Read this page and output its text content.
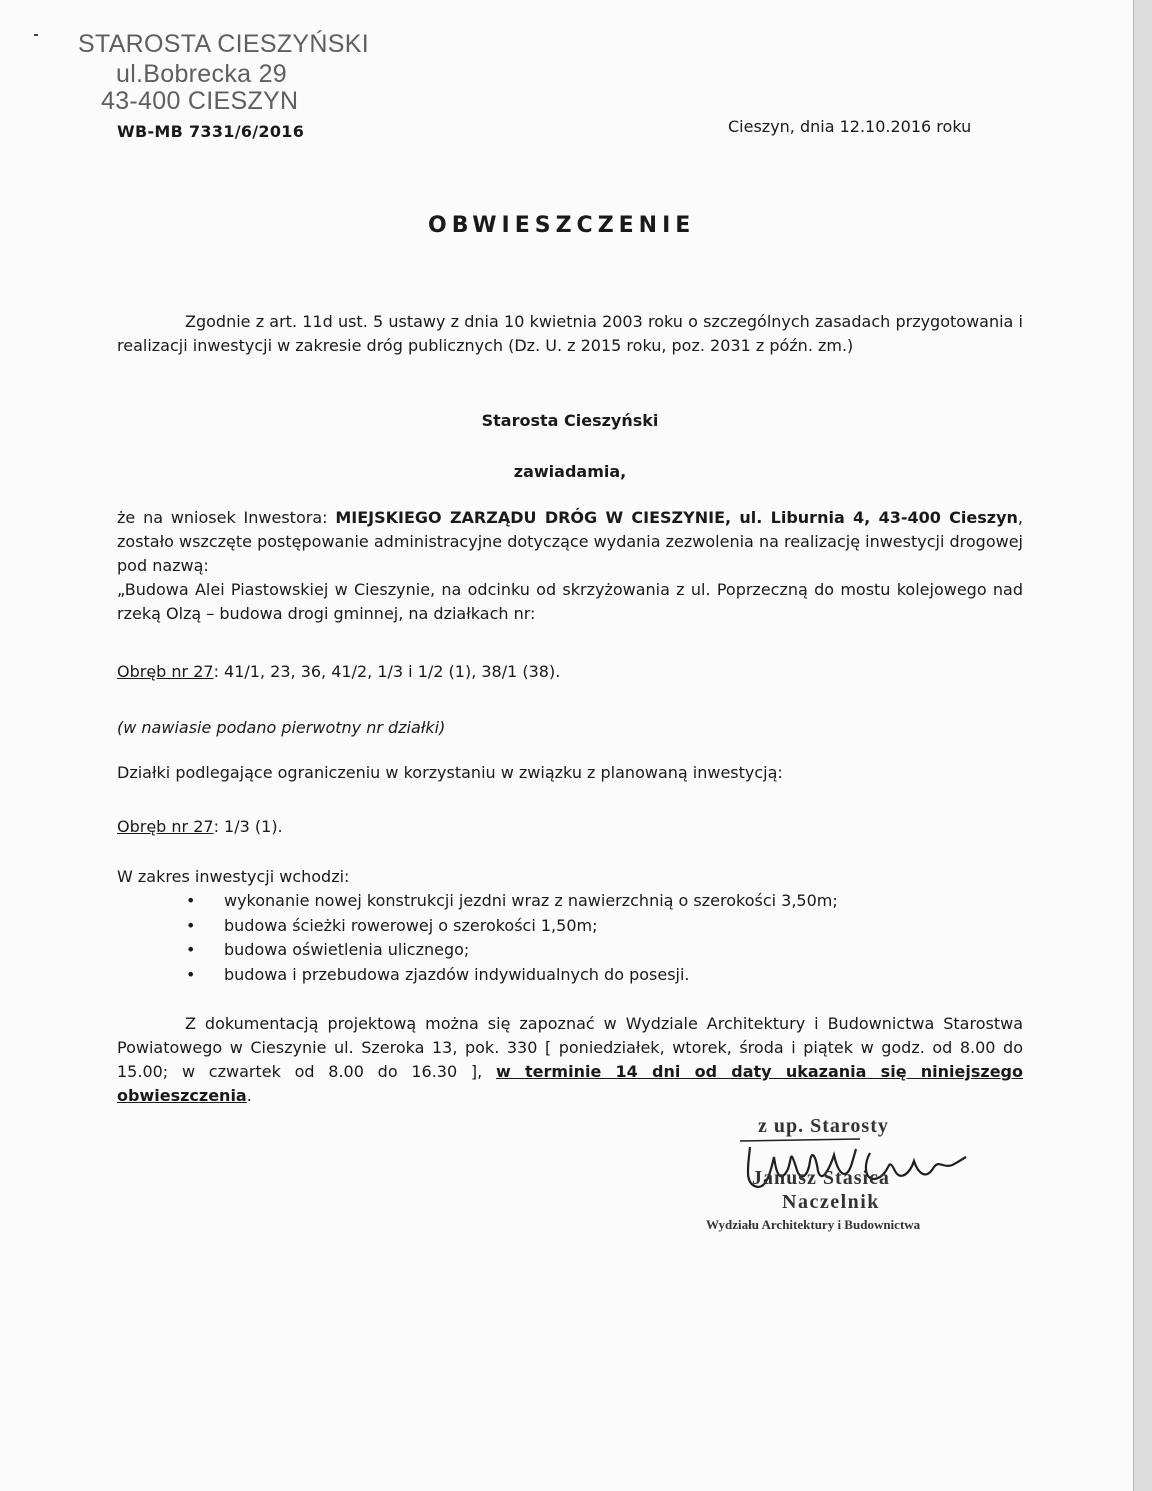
STAROSTA CIESZYŃSKI
ul.Bobrecka 29
43-400 CIESZYN
WB-MB 7331/6/2016	Cieszyn, dnia 12.10.2016 roku
OBWIESZCZENIE
Zgodnie z art. 11d ust. 5 ustawy z dnia 10 kwietnia 2003 roku o szczególnych zasadach przygotowania i realizacji inwestycji w zakresie dróg publicznych (Dz. U. z 2015 roku, poz. 2031 z późn. zm.)
Starosta Cieszyński
zawiadamia,
że na wniosek Inwestora: MIEJSKIEGO ZARZĄDU DRÓG W CIESZYNIE, ul. Liburnia 4, 43-400 Cieszyn, zostało wszczęte postępowanie administracyjne dotyczące wydania zezwolenia na realizację inwestycji drogowej pod nazwą:
„Budowa Alei Piastowskiej w Cieszynie, na odcinku od skrzyżowania z ul. Poprzeczną do mostu kolejowego nad rzeką Olzą – budowa drogi gminnej, na działkach nr:
Obręb nr 27: 41/1, 23, 36, 41/2, 1/3 i 1/2 (1), 38/1 (38).
(w nawiasie podano pierwotny nr działki)
Działki podlegające ograniczeniu w korzystaniu w związku z planowaną inwestycją:
Obręb nr 27: 1/3 (1).
W zakres inwestycji wchodzi:
• wykonanie nowej konstrukcji jezdni wraz z nawierzchnią o szerokości 3,50m;
• budowa ścieżki rowerowej o szerokości 1,50m;
• budowa oświetlenia ulicznego;
• budowa i przebudowa zjazdów indywidualnych do posesji.
Z dokumentacją projektową można się zapoznać w Wydziale Architektury i Budownictwa Starostwa Powiatowego w Cieszynie ul. Szeroka 13, pok. 330 [ poniedziałek, wtorek, środa i piątek w godz. od 8.00 do 15.00; w czwartek od 8.00 do 16.30 ], w terminie 14 dni od daty ukazania się niniejszego obwieszczenia.
z up. Starosty
Janusz Stasica
Naczelnik
Wydziału Architektury i Budownictwa
